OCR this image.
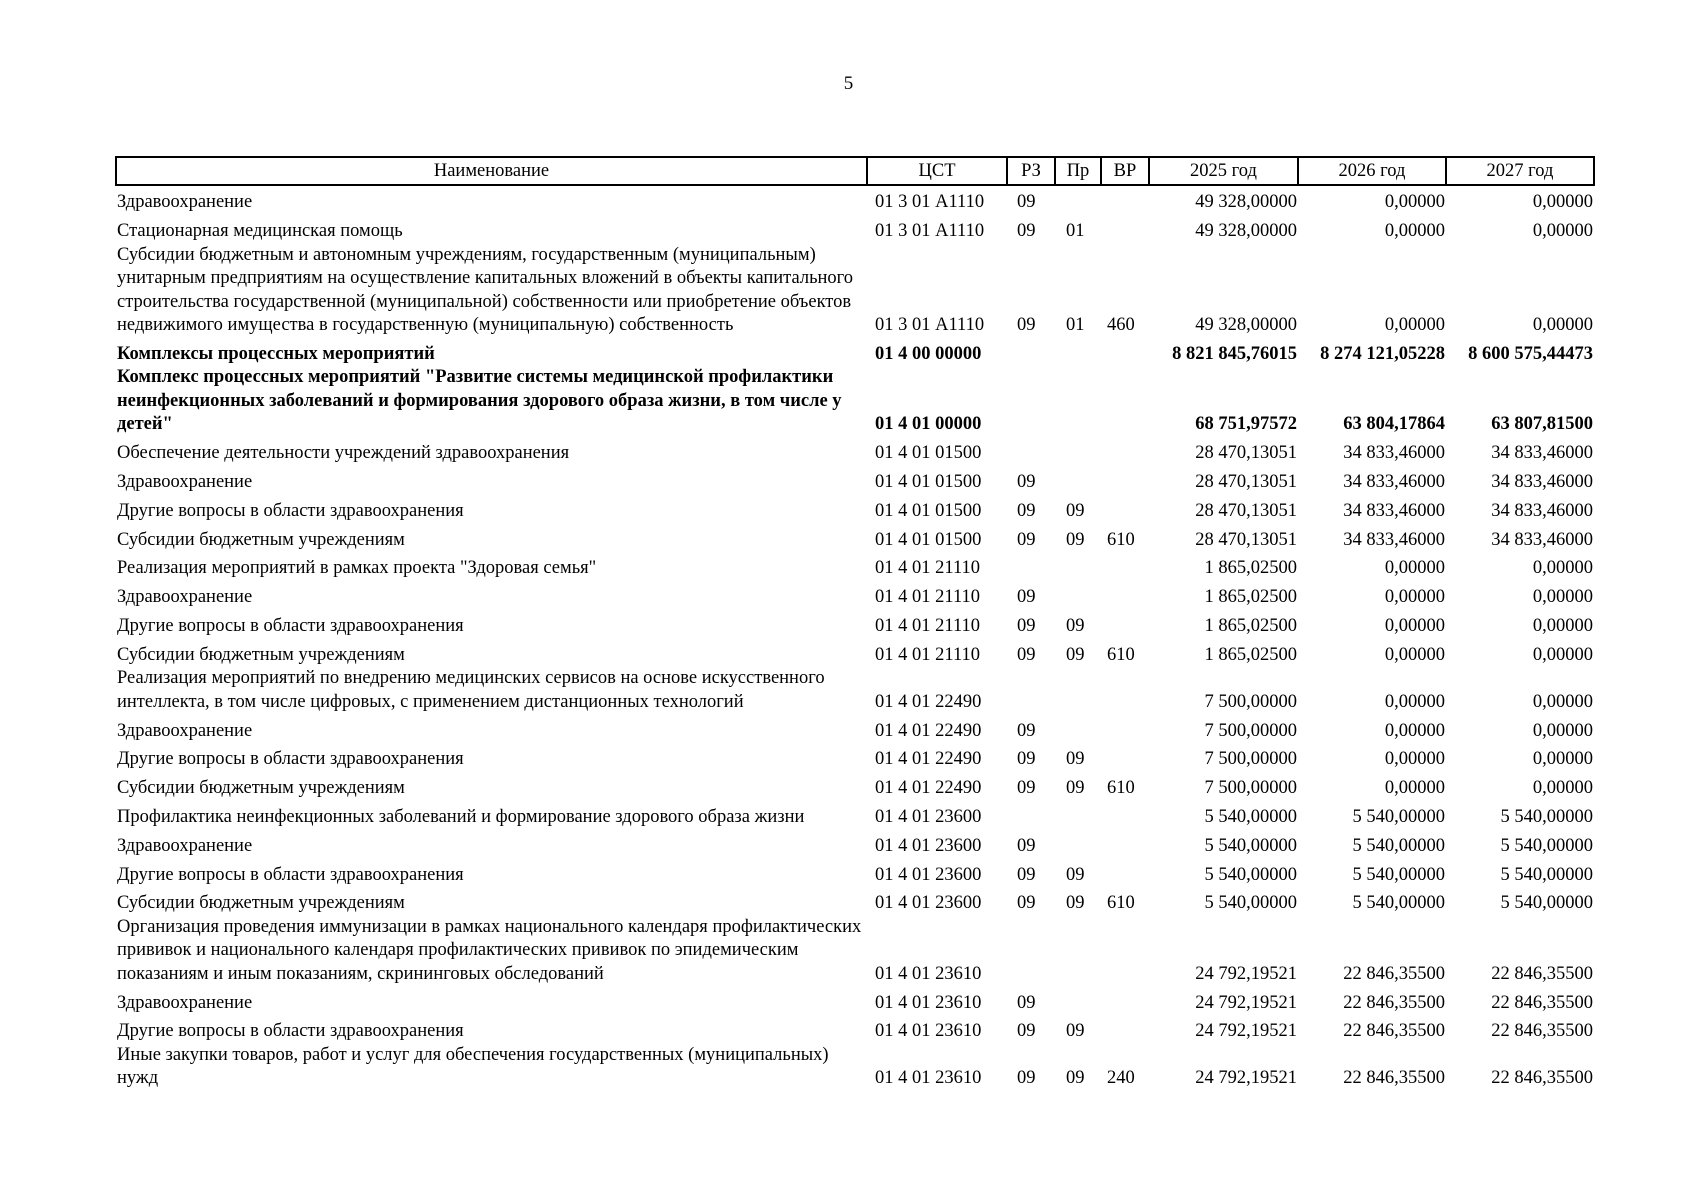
5
Наименование	ЦСТ	РЗ	Пр	ВР	2025 год	2026 год	2027 год
Здравоохранение	01 3 01 А1110	09			49 328,00000	0,00000	0,00000
Стационарная медицинская помощь	01 3 01 А1110	09	01		49 328,00000	0,00000	0,00000
Субсидии бюджетным и автономным учреждениям, государственным (муниципальным) унитарным предприятиям на осуществление капитальных вложений в объекты капитального строительства государственной (муниципальной) собственности или приобретение объектов недвижимого имущества в государственную (муниципальную) собственность	01 3 01 А1110	09	01	460	49 328,00000	0,00000	0,00000
Комплексы процессных мероприятий	01 4 00 00000				8 821 845,76015	8 274 121,05228	8 600 575,44473
Комплекс процессных мероприятий "Развитие системы медицинской профилактики неинфекционных заболеваний и формирования здорового образа жизни, в том числе у детей"	01 4 01 00000				68 751,97572	63 804,17864	63 807,81500
Обеспечение деятельности учреждений здравоохранения	01 4 01 01500				28 470,13051	34 833,46000	34 833,46000
Здравоохранение	01 4 01 01500	09			28 470,13051	34 833,46000	34 833,46000
Другие вопросы в области здравоохранения	01 4 01 01500	09	09		28 470,13051	34 833,46000	34 833,46000
Субсидии бюджетным учреждениям	01 4 01 01500	09	09	610	28 470,13051	34 833,46000	34 833,46000
Реализация мероприятий в рамках проекта "Здоровая семья"	01 4 01 21110				1 865,02500	0,00000	0,00000
Здравоохранение	01 4 01 21110	09			1 865,02500	0,00000	0,00000
Другие вопросы в области здравоохранения	01 4 01 21110	09	09		1 865,02500	0,00000	0,00000
Субсидии бюджетным учреждениям	01 4 01 21110	09	09	610	1 865,02500	0,00000	0,00000
Реализация мероприятий по внедрению медицинских сервисов на основе искусственного интеллекта, в том числе цифровых, с применением дистанционных технологий	01 4 01 22490				7 500,00000	0,00000	0,00000
Здравоохранение	01 4 01 22490	09			7 500,00000	0,00000	0,00000
Другие вопросы в области здравоохранения	01 4 01 22490	09	09		7 500,00000	0,00000	0,00000
Субсидии бюджетным учреждениям	01 4 01 22490	09	09	610	7 500,00000	0,00000	0,00000
Профилактика неинфекционных заболеваний и формирование здорового образа жизни	01 4 01 23600				5 540,00000	5 540,00000	5 540,00000
Здравоохранение	01 4 01 23600	09			5 540,00000	5 540,00000	5 540,00000
Другие вопросы в области здравоохранения	01 4 01 23600	09	09		5 540,00000	5 540,00000	5 540,00000
Субсидии бюджетным учреждениям	01 4 01 23600	09	09	610	5 540,00000	5 540,00000	5 540,00000
Организация проведения иммунизации в рамках национального календаря профилактических прививок и национального календаря профилактических прививок по эпидемическим показаниям и иным показаниям, скрининговых обследований	01 4 01 23610				24 792,19521	22 846,35500	22 846,35500
Здравоохранение	01 4 01 23610	09			24 792,19521	22 846,35500	22 846,35500
Другие вопросы в области здравоохранения	01 4 01 23610	09	09		24 792,19521	22 846,35500	22 846,35500
Иные закупки товаров, работ и услуг для обеспечения государственных (муниципальных) нужд	01 4 01 23610	09	09	240	24 792,19521	22 846,35500	22 846,35500
